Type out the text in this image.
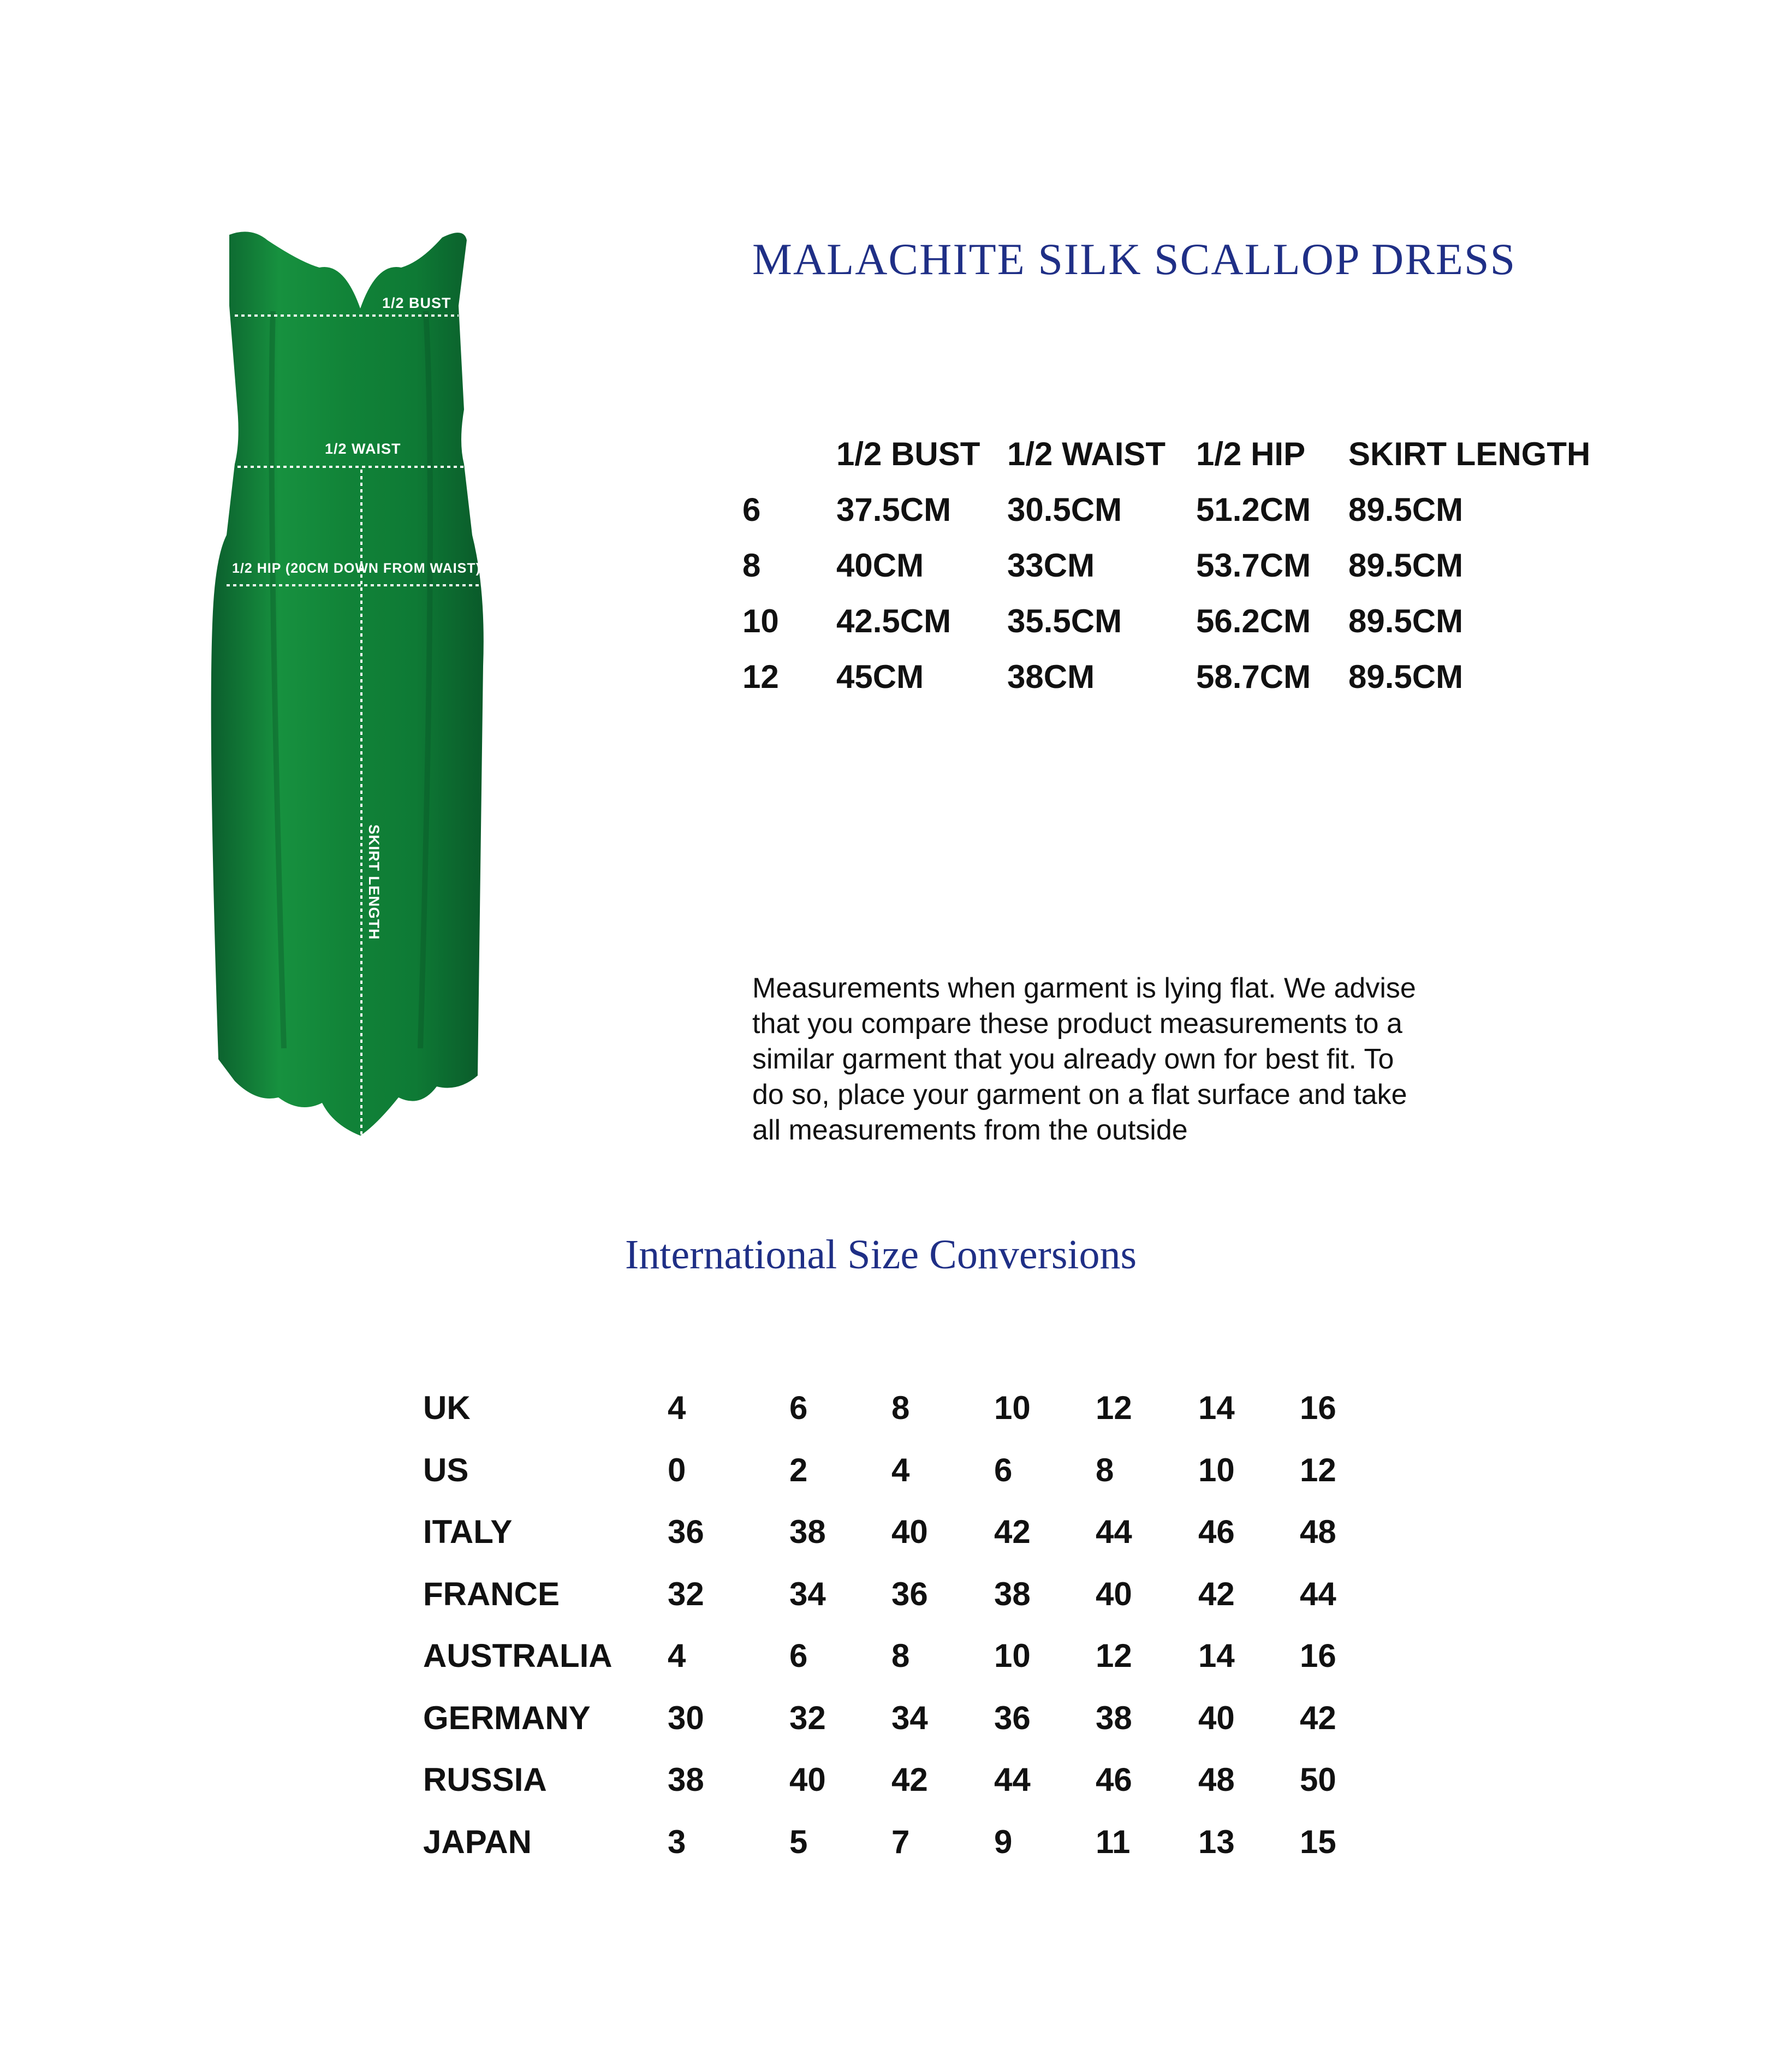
1/2 BUST
1/2 WAIST
1/2 HIP (20CM DOWN FROM WAIST)
SKIRT LENGTH
MALACHITE SILK SCALLOP DRESS
	1/2 BUST	1/2 WAIST	1/2 HIP	SKIRT LENGTH
6	37.5CM	30.5CM	51.2CM	89.5CM
8	40CM	33CM	53.7CM	89.5CM
10	42.5CM	35.5CM	56.2CM	89.5CM
12	45CM	38CM	58.7CM	89.5CM
Measurements when garment is lying flat. We advise
that you compare these product measurements to a
similar garment that you already own for best fit. To
do so, place your garment on a flat surface and take
all measurements from the outside
International Size Conversions
UK	4	6	8	10	12	14	16
US	0	2	4	6	8	10	12
ITALY	36	38	40	42	44	46	48
FRANCE	32	34	36	38	40	42	44
AUSTRALIA	4	6	8	10	12	14	16
GERMANY	30	32	34	36	38	40	42
RUSSIA	38	40	42	44	46	48	50
JAPAN	3	5	7	9	11	13	15
